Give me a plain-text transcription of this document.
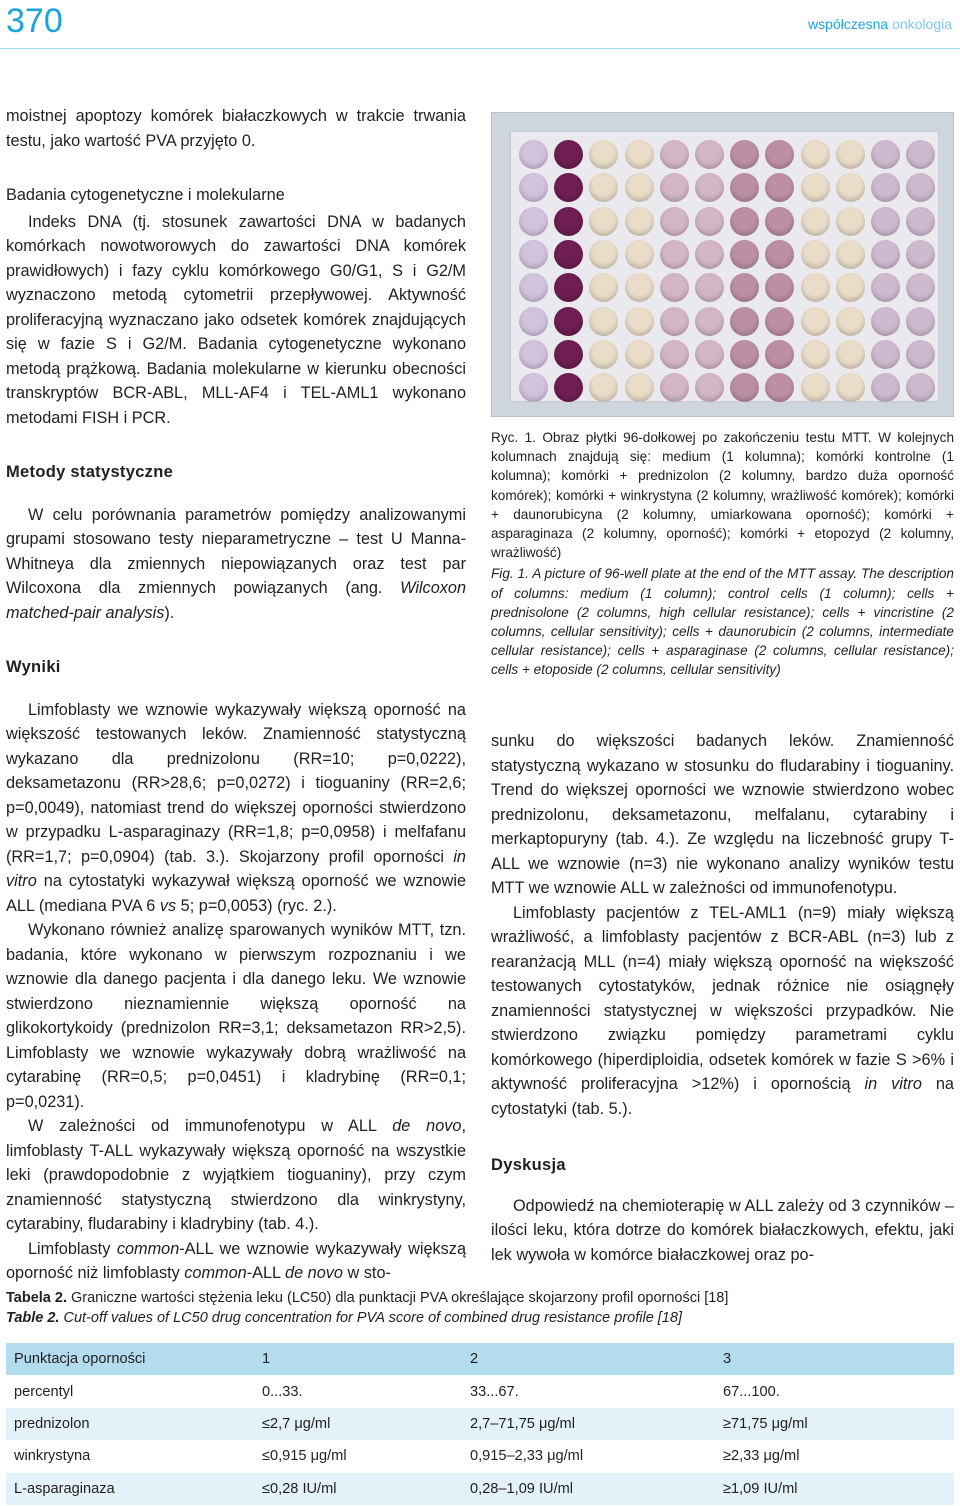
370	współczesna onkologia

moistnej apoptozy komórek białaczkowych w trakcie trwania testu, jako wartość PVA przyjęto 0.

Badania cytogenetyczne i molekularne

Indeks DNA (tj. stosunek zawartości DNA w badanych komórkach nowotworowych do zawartości DNA komórek prawidłowych) i fazy cyklu komórkowego G0/G1, S i G2/M wyznaczono metodą cytometrii przepływowej. Aktywność proliferacyjną wyznaczano jako odsetek komórek znajdujących się w fazie S i G2/M. Badania cytogenetyczne wykonano metodą prążkową. Badania molekularne w kierunku obecności transkryptów BCR-ABL, MLL-AF4 i TEL-AML1 wykonano metodami FISH i PCR.

Metody statystyczne

W celu porównania parametrów pomiędzy analizowanymi grupami stosowano testy nieparametryczne – test U Manna-Whitneya dla zmiennych niepowiązanych oraz test par Wilcoxona dla zmiennych powiązanych (ang. Wilcoxon matched-pair analysis).

Wyniki

Limfoblasty we wznowie wykazywały większą oporność na większość testowanych leków. Znamienność statystyczną wykazano dla prednizolonu (RR=10; p=0,0222), deksametazonu (RR>28,6; p=0,0272) i tioguaniny (RR=2,6; p=0,0049), natomiast trend do większej oporności stwierdzono w przypadku L-asparaginazy (RR=1,8; p=0,0958) i melfafanu (RR=1,7; p=0,0904) (tab. 3.). Skojarzony profil oporności in vitro na cytostatyki wykazywał większą oporność we wznowie ALL (mediana PVA 6 vs 5; p=0,0053) (ryc. 2.).

Wykonano również analizę sparowanych wyników MTT, tzn. badania, które wykonano w pierwszym rozpoznaniu i we wznowie dla danego pacjenta i dla danego leku. We wznowie stwierdzono nieznamiennie większą oporność na glikokortykoidy (prednizolon RR=3,1; deksametazon RR>2,5). Limfoblasty we wznowie wykazywały dobrą wrażliwość na cytarabinę (RR=0,5; p=0,0451) i kladrybinę (RR=0,1; p=0,0231).

W zależności od immunofenotypu w ALL de novo, limfoblasty T-ALL wykazywały większą oporność na wszystkie leki (prawdopodobnie z wyjątkiem tioguaniny), przy czym znamienność statystyczną stwierdzono dla winkrystyny, cytarabiny, fludarabiny i kladrybiny (tab. 4.).

Limfoblasty common-ALL we wznowie wykazywały większą oporność niż limfoblasty common-ALL de novo w sto-

Ryc. 1. Obraz płytki 96-dołkowej po zakończeniu testu MTT. W kolejnych kolumnach znajdują się: medium (1 kolumna); komórki kontrolne (1 kolumna); komórki + prednizolon (2 kolumny, bardzo duża oporność komórek); komórki + winkrystyna (2 kolumny, wrażliwość komórek); komórki + daunorubicyna (2 kolumny, umiarkowana oporność); komórki + asparaginaza (2 kolumny, oporność); komórki + etopozyd (2 kolumny, wrażliwość)

Fig. 1. A picture of 96-well plate at the end of the MTT assay. The description of columns: medium (1 column); control cells (1 column); cells + prednisolone (2 columns, high cellular resistance); cells + vincristine (2 columns, cellular sensitivity); cells + daunorubicin (2 columns, intermediate cellular resistance); cells + asparaginase (2 columns, cellular resistance); cells + etoposide (2 columns, cellular sensitivity)

sunku do większości badanych leków. Znamienność statystyczną wykazano w stosunku do fludarabiny i tioguaniny. Trend do większej oporności we wznowie stwierdzono wobec prednizolonu, deksametazonu, melfalanu, cytarabiny i merkaptopuryny (tab. 4.). Ze względu na liczebność grupy T-ALL we wznowie (n=3) nie wykonano analizy wyników testu MTT we wznowie ALL w zależności od immunofenotypu.

Limfoblasty pacjentów z TEL-AML1 (n=9) miały większą wrażliwość, a limfoblasty pacjentów z BCR-ABL (n=3) lub z rearanżacją MLL (n=4) miały większą oporność na większość testowanych cytostatyków, jednak różnice nie osiągnęły znamienności statystycznej w większości przypadków. Nie stwierdzono związku pomiędzy parametrami cyklu komórkowego (hiperdiploidia, odsetek komórek w fazie S >6% i aktywność proliferacyjna >12%) i opornością in vitro na cytostatyki (tab. 5.).

Dyskusja

Odpowiedź na chemioterapię w ALL zależy od 3 czynników – ilości leku, która dotrze do komórek białaczkowych, efektu, jaki lek wywoła w komórce białaczkowej oraz po-

Tabela 2. Graniczne wartości stężenia leku (LC50) dla punktacji PVA określające skojarzony profil oporności [18]
Table 2. Cut-off values of LC50 drug concentration for PVA score of combined drug resistance profile [18]
Punktacja oporności	1	2	3
percentyl	0...33.	33...67.	67...100.
prednizolon	≤2,7 μg/ml	2,7–71,75 μg/ml	≥71,75 μg/ml
winkrystyna	≤0,915 μg/ml	0,915–2,33 μg/ml	≥2,33 μg/ml
L-asparaginaza	≤0,28 IU/ml	0,28–1,09 IU/ml	≥1,09 IU/ml
